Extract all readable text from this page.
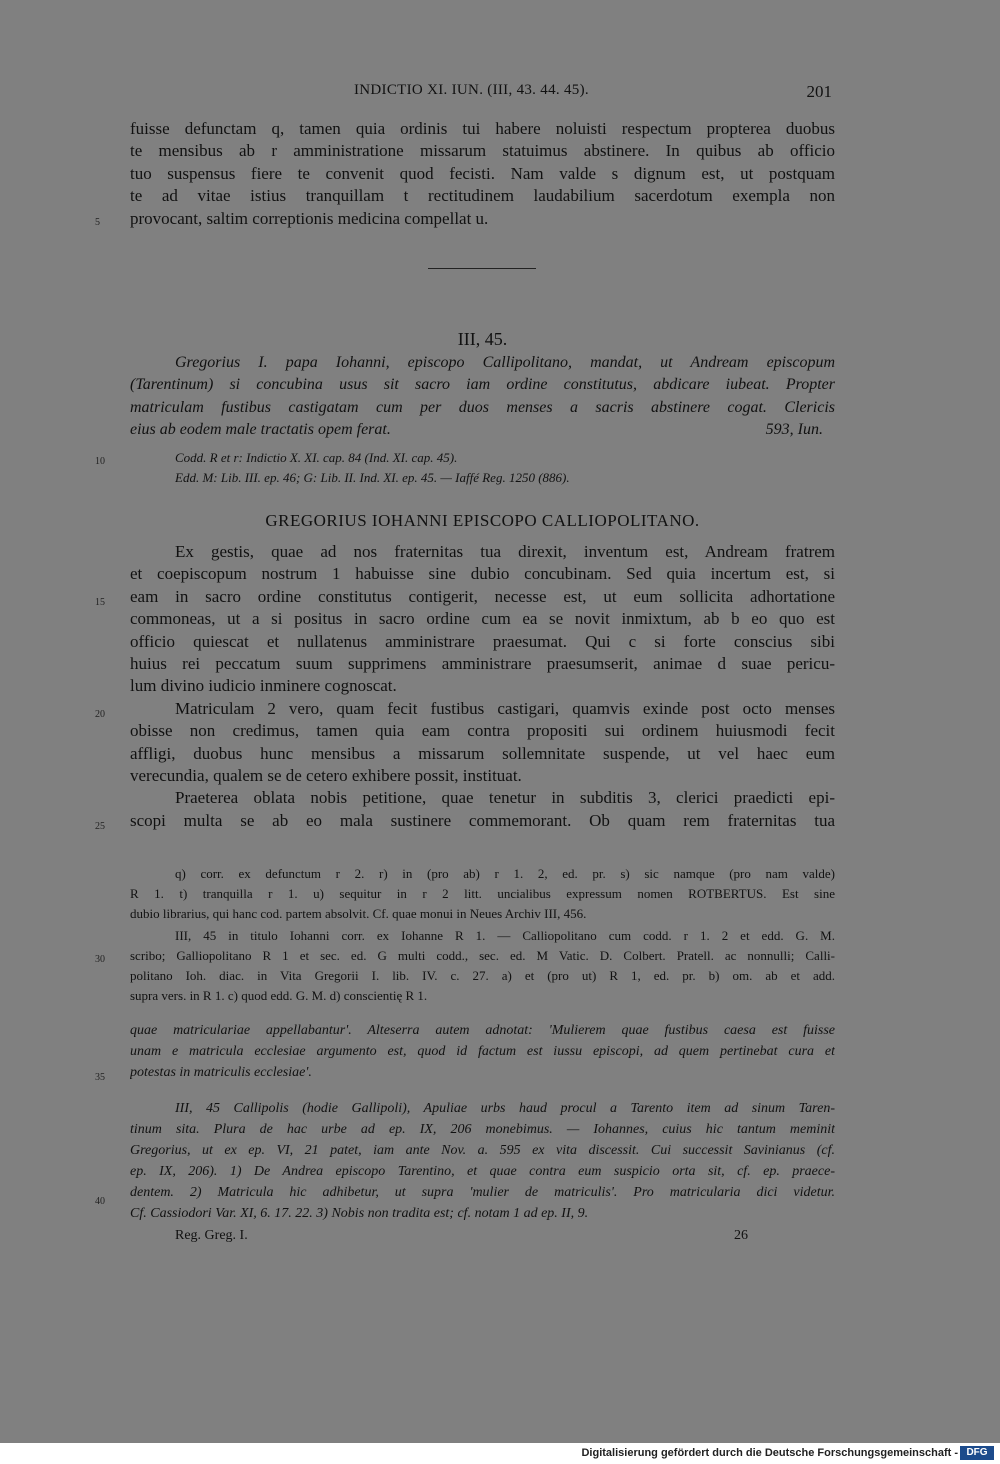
INDICTIO XI. IUN. (III, 43. 44. 45).	201
fuisse defunctam q, tamen quia ordinis tui habere noluisti respectum propterea duobus
te mensibus ab r amministratione missarum statuimus abstinere. In quibus ab officio
tuo suspensus fiere te convenit quod fecisti. Nam valde s dignum est, ut postquam
te ad vitae istius tranquillam t rectitudinem laudabilium sacerdotum exempla non
provocant, saltim correptionis medicina compellat u.
III, 45.
Gregorius I. papa Iohanni, episcopo Callipolitano, mandat, ut Andream episcopum
(Tarentinum) si concubina usus sit sacro iam ordine constitutus, abdicare iubeat. Propter
matriculam fustibus castigatam cum per duos menses a sacris abstinere cogat. Clericis
eius ab eodem male tractatis opem ferat.	593, Iun.
Codd. R et r: Indictio X. XI. cap. 84 (Ind. XI. cap. 45).
Edd. M: Lib. III. ep. 46; G: Lib. II. Ind. XI. ep. 45. — Iaffé Reg. 1250 (886).
GREGORIUS IOHANNI EPISCOPO CALLIOPOLITANO.
Ex gestis, quae ad nos fraternitas tua direxit, inventum est, Andream fratrem
et coepiscopum nostrum 1 habuisse sine dubio concubinam. Sed quia incertum est, si
eam in sacro ordine constitutus contigerit, necesse est, ut eum sollicita adhortatione
commoneas, ut a si positus in sacro ordine cum ea se novit inmixtum, ab b eo quo est
officio quiescat et nullatenus amministrare praesumat. Qui c si forte conscius sibi
huius rei peccatum suum supprimens amministrare praesumserit, animae d suae pericu-
lum divino iudicio inminere cognoscat.
Matriculam 2 vero, quam fecit fustibus castigari, quamvis exinde post octo menses
obisse non credimus, tamen quia eam contra propositi sui ordinem huiusmodi fecit
affligi, duobus hunc mensibus a missarum sollemnitate suspende, ut vel haec eum
verecundia, qualem se de cetero exhibere possit, instituat.
Praeterea oblata nobis petitione, quae tenetur in subditis 3, clerici praedicti epi-
scopi multa se ab eo mala sustinere commemorant. Ob quam rem fraternitas tua
q) corr. ex defunctum r 2. r) in (pro ab) r 1. 2, ed. pr. s) sic namque (pro nam valde)
R 1. t) tranquilla r 1. u) sequitur in r 2 litt. uncialibus expressum nomen ROTBERTUS. Est sine
dubio librarius, qui hanc cod. partem absolvit. Cf. quae monui in Neues Archiv III, 456.
III, 45 in titulo Iohanni corr. ex Iohanne R 1. — Calliopolitano cum codd. r 1. 2 et edd. G. M.
scribo; Galliopolitano R 1 et sec. ed. G multi codd., sec. ed. M Vatic. D. Colbert. Pratell. ac nonnulli; Calli-
politano Ioh. diac. in Vita Gregorii I. lib. IV. c. 27. a) et (pro ut) R 1, ed. pr. b) om. ab et add.
supra vers. in R 1. c) quod edd. G. M. d) conscientię R 1.
quae matriculariae appellabantur'. Alteserra autem adnotat: 'Mulierem quae fustibus caesa est fuisse
unam e matricula ecclesiae argumento est, quod id factum est iussu episcopi, ad quem pertinebat cura et
potestas in matriculis ecclesiae'.
III, 45 Callipolis (hodie Gallipoli), Apuliae urbs haud procul a Tarento item ad sinum Taren-
tinum sita. Plura de hac urbe ad ep. IX, 206 monebimus. — Iohannes, cuius hic tantum meminit
Gregorius, ut ex ep. VI, 21 patet, iam ante Nov. a. 595 ex vita discessit. Cui successit Savinianus (cf.
ep. IX, 206). 1) De Andrea episcopo Tarentino, et quae contra eum suspicio orta sit, cf. ep. praece-
dentem. 2) Matricula hic adhibetur, ut supra 'mulier de matriculis'. Pro matricularia dici videtur.
Cf. Cassiodori Var. XI, 6. 17. 22. 3) Nobis non tradita est; cf. notam 1 ad ep. II, 9.
Reg. Greg. I.	26
5
10
15
20
25
30
35
40
Digitalisierung gefördert durch die Deutsche Forschungsgemeinschaft - DFG
